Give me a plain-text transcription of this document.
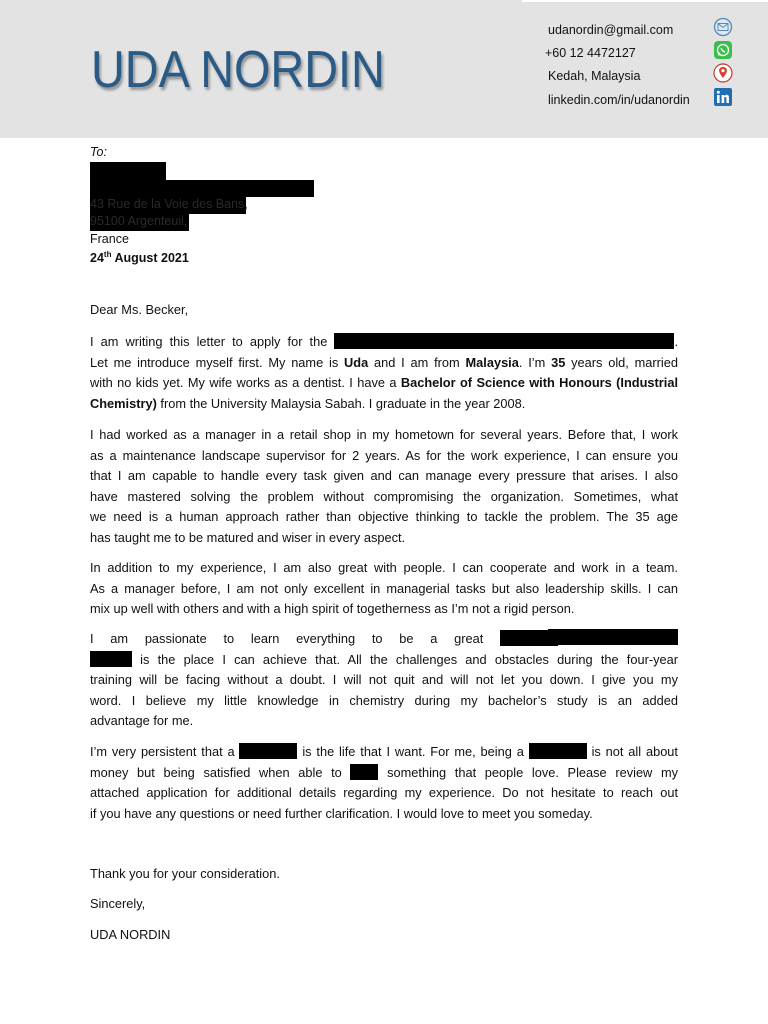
UDA NORDIN
udanordin@gmail.com
+60 12 4472127
Kedah, Malaysia
linkedin.com/in/udanordin
To:
43 Rue de la Voie des Bans,
95100 Argenteuil,
France
24th August 2021
Dear Ms. Becker,
I am writing this letter to apply for the	.
Let me introduce myself first. My name is Uda and I am from Malaysia. I’m 35 years old, married
with no kids yet. My wife works as a dentist. I have a Bachelor of Science with Honours (Industrial
Chemistry) from the University Malaysia Sabah. I graduate in the year 2008.
I had worked as a manager in a retail shop in my hometown for several years. Before that, I work
as a maintenance landscape supervisor for 2 years. As for the work experience, I can ensure you
that I am capable to handle every task given and can manage every pressure that arises. I also
have mastered solving the problem without compromising the organization. Sometimes, what
we need is a human approach rather than objective thinking to tackle the problem. The 35 age
has taught me to be matured and wiser in every aspect.
In addition to my experience, I am also great with people. I can cooperate and work in a team.
As a manager before, I am not only excellent in managerial tasks but also leadership skills. I can
mix up well with others and with a high spirit of togetherness as I’m not a rigid person.
I am passionate to learn everything to be a great
is the place I can achieve that. All the challenges and obstacles during the four-year
training will be facing without a doubt. I will not quit and will not let you down. I give you my
word. I believe my little knowledge in chemistry during my bachelor’s study is an added
advantage for me.
I’m very persistent that a	is the life that I want. For me, being a	is not all about
money but being satisfied when able to	something that people love. Please review my
attached application for additional details regarding my experience. Do not hesitate to reach out
if you have any questions or need further clarification. I would love to meet you someday.
Thank you for your consideration.
Sincerely,
UDA NORDIN
